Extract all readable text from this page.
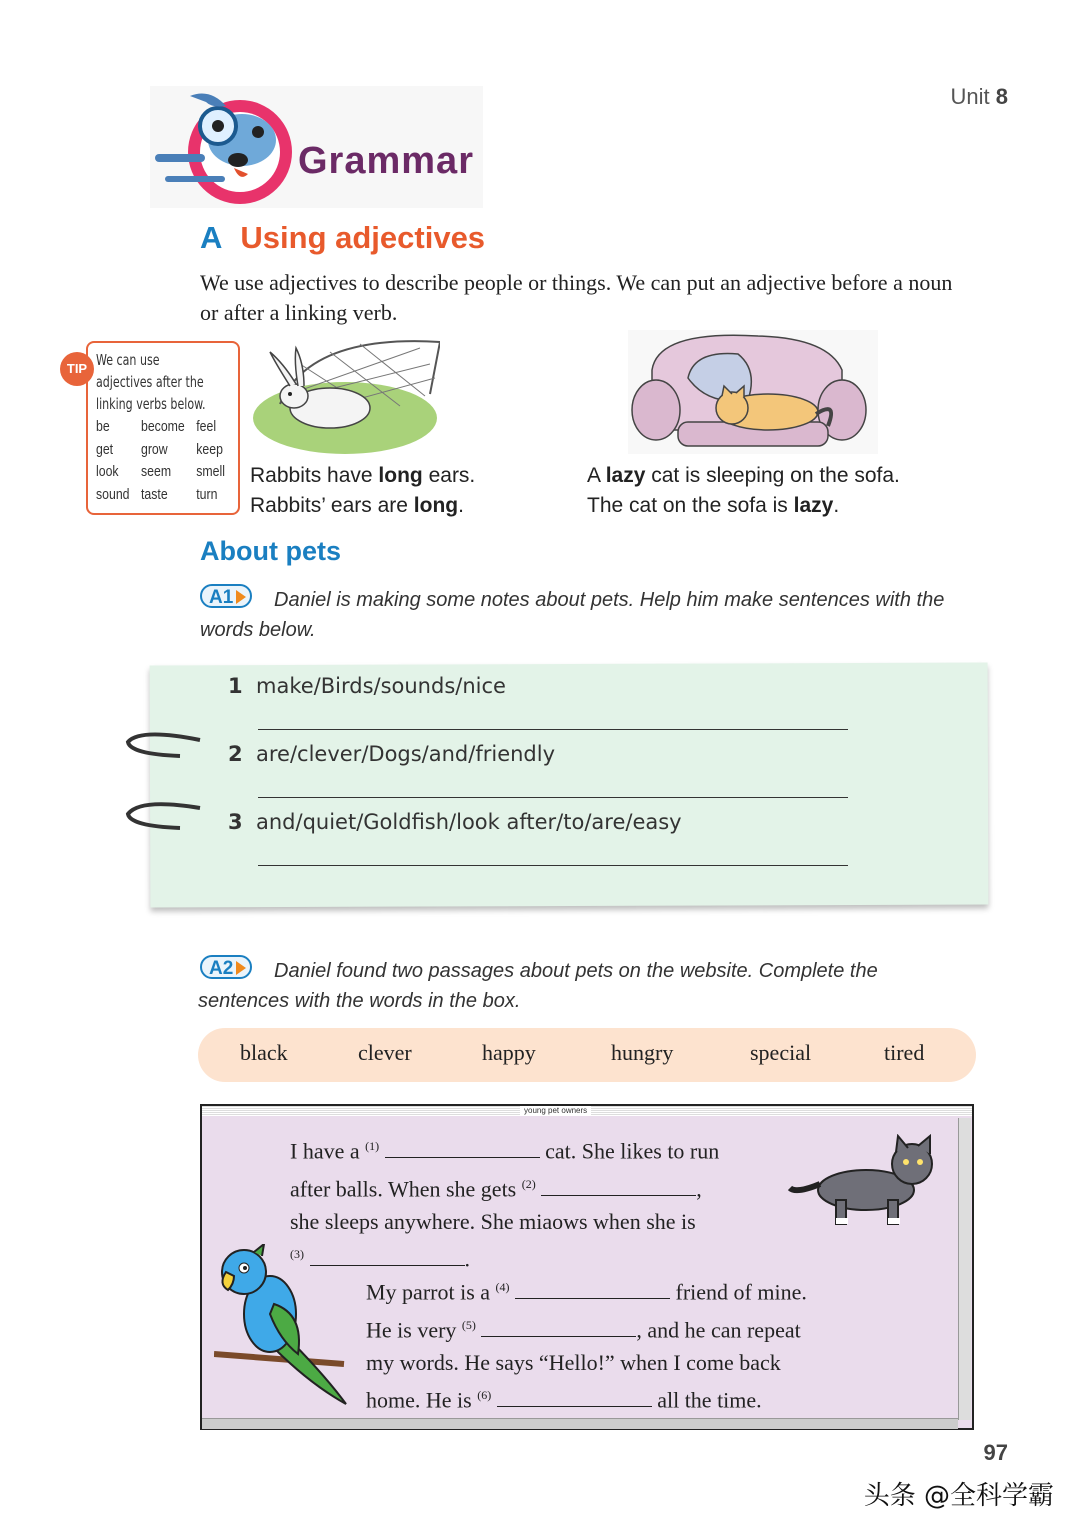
Unit 8
Grammar
A Using adjectives
We use adjectives to describe people or things. We can put an adjective before a noun or after a linking verb.
TIP We can use adjectives after the linking verbs below.
be	become	feel
get	grow	keep
look	seem	smell
sound	taste	turn
Rabbits have long ears.
Rabbits’ ears are long.
A lazy cat is sleeping on the sofa.
The cat on the sofa is lazy.
About pets
A1	Daniel is making some notes about pets. Help him make sentences with the words below.
1 make/Birds/sounds/nice
2 are/clever/Dogs/and/friendly
3 and/quiet/Goldfish/look after/to/are/easy
A2	Daniel found two passages about pets on the website. Complete the sentences with the words in the box.
black	clever	happy	hungry	special	tired
young pet owners
I have a $^{(1)}$	cat. She likes to run
after balls. When she gets $^{(2)}$	,
she sleeps anywhere. She miaows when she is
$^{(3)}$	.
My parrot is a $^{(4)}$	friend of mine.
He is very $^{(5)}$	, and he can repeat
my words. He says “Hello!” when I come back
home. He is $^{(6)}$	all the time.
97
头条 @全科学霸
